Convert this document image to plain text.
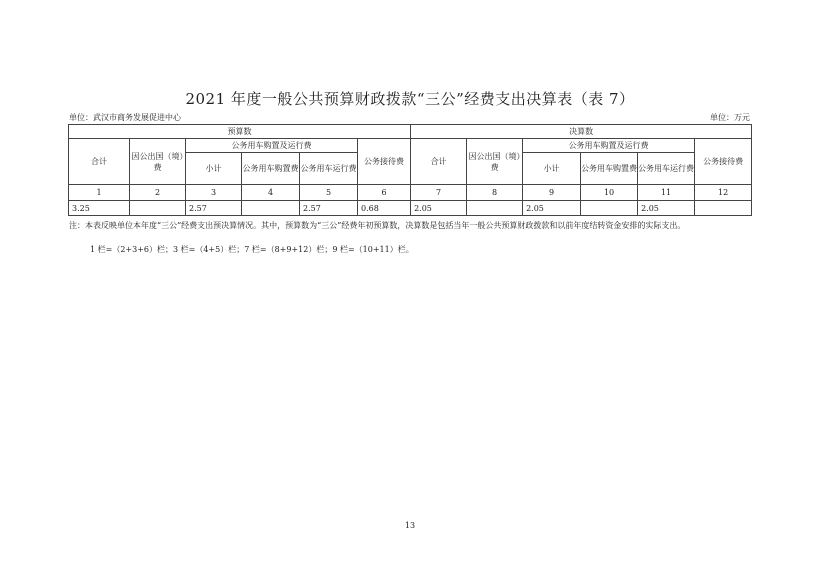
2021 年度一般公共预算财政拨款“三公”经费支出决算表（表 7）
单位：武汉市商务发展促进中心	单位：万元
预算数						决算数					
合计	因公出国（境）费	公务用车购置及运行费			公务接待费	合计	因公出国（境）费	公务用车购置及运行费			公务接待费
		小计	公务用车购置费	公务用车运行费				小计	公务用车购置费	公务用车运行费	
1	2	3	4	5	6	7	8	9	10	11	12
3.25		2.57		2.57	0.68	2.05		2.05		2.05	
注：本表反映单位本年度“三公”经费支出预决算情况。其中，预算数为“三公”经费年初预算数，决算数是包括当年一般公共预算财政拨款和以前年度结转资金安排的实际支出。
1 栏=（2+3+6）栏；3 栏=（4+5）栏；7 栏=（8+9+12）栏；9 栏=（10+11）栏。
13
